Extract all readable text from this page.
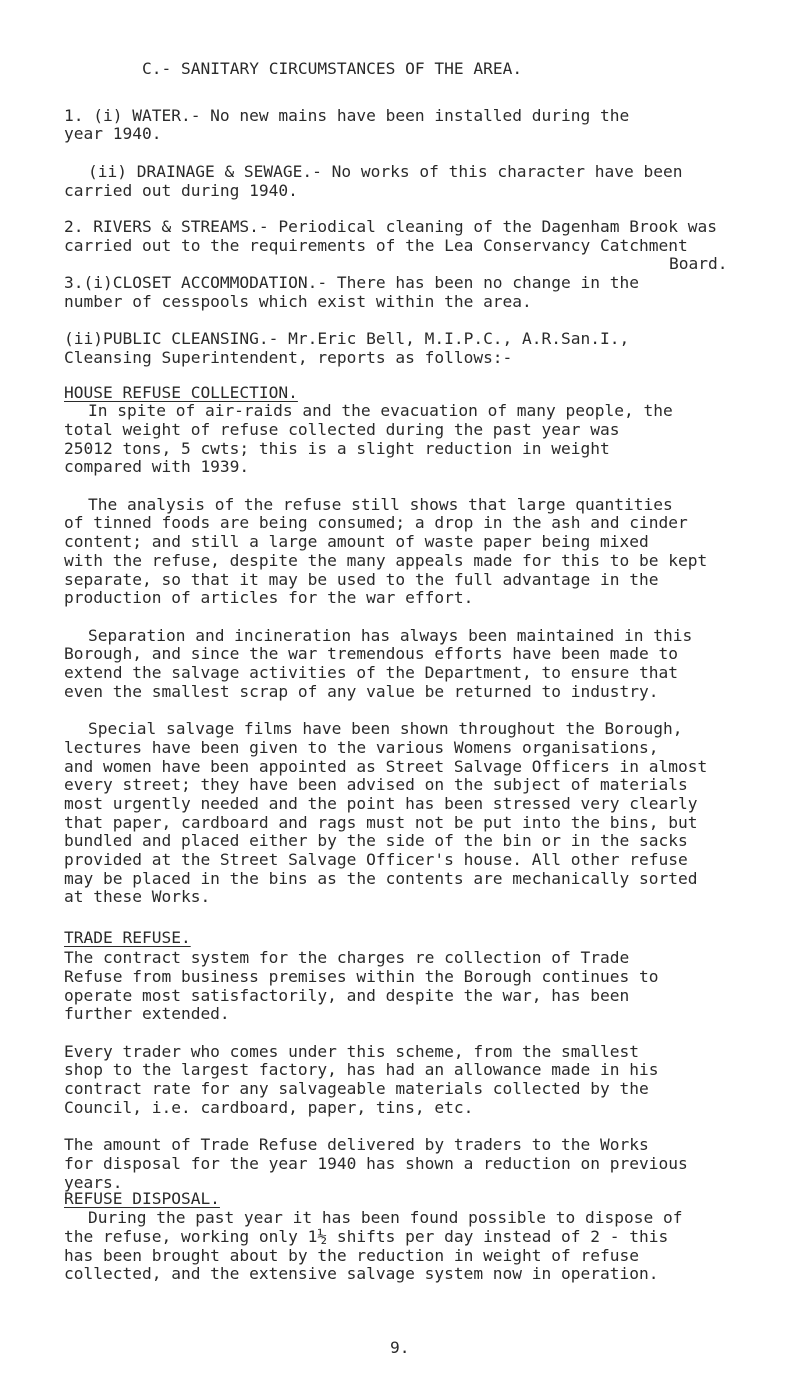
C.- SANITARY CIRCUMSTANCES OF THE AREA.
1. (i) WATER.- No new mains have been installed during the
year 1940.
(ii) DRAINAGE & SEWAGE.- No works of this character have been
carried out during 1940.
2. RIVERS & STREAMS.- Periodical cleaning of the Dagenham Brook was
carried out to the requirements of the Lea Conservancy Catchment
Board.
3.(i)CLOSET ACCOMMODATION.- There has been no change in the
number of cesspools which exist within the area.
(ii)PUBLIC CLEANSING.- Mr.Eric Bell, M.I.P.C., A.R.San.I.,
Cleansing Superintendent, reports as follows:-
HOUSE REFUSE COLLECTION.
In spite of air-raids and the evacuation of many people, the
total weight of refuse collected during the past year was
25012 tons, 5 cwts; this is a slight reduction in weight
compared with 1939.
The analysis of the refuse still shows that large quantities
of tinned foods are being consumed; a drop in the ash and cinder
content; and still a large amount of waste paper being mixed
with the refuse, despite the many appeals made for this to be kept
separate, so that it may be used to the full advantage in the
production of articles for the war effort.
Separation and incineration has always been maintained in this
Borough, and since the war tremendous efforts have been made to
extend the salvage activities of the Department, to ensure that
even the smallest scrap of any value be returned to industry.
Special salvage films have been shown throughout the Borough,
lectures have been given to the various Womens organisations,
and women have been appointed as Street Salvage Officers in almost
every street; they have been advised on the subject of materials
most urgently needed and the point has been stressed very clearly
that paper, cardboard and rags must not be put into the bins, but
bundled and placed either by the side of the bin or in the sacks
provided at the Street Salvage Officer's house. All other refuse
may be placed in the bins as the contents are mechanically sorted
at these Works.
TRADE REFUSE.
The contract system for the charges re collection of Trade
Refuse from business premises within the Borough continues to
operate most satisfactorily, and despite the war, has been
further extended.
Every trader who comes under this scheme, from the smallest
shop to the largest factory, has had an allowance made in his
contract rate for any salvageable materials collected by the
Council, i.e. cardboard, paper, tins, etc.
The amount of Trade Refuse delivered by traders to the Works
for disposal for the year 1940 has shown a reduction on previous
years.
REFUSE DISPOSAL.
During the past year it has been found possible to dispose of
the refuse, working only 1½ shifts per day instead of 2 - this
has been brought about by the reduction in weight of refuse
collected, and the extensive salvage system now in operation.
9.
